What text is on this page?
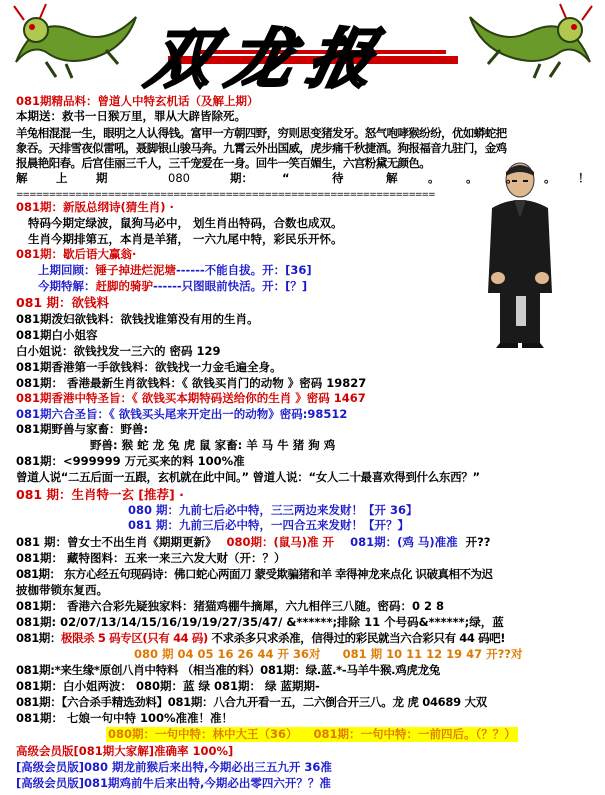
双龙报
081期精品料：曾道人中特玄机话（及解上期）
本期送：救书一日猴万里，罪从大辟皆除死。
羊兔相混混一生，眼明之人认得钱。富甲一方朝四野，穷则思变猪发牙。怒气咆哮猴纷纷，优如蟒蛇把
象吞。天排雪夜似雷吼，聂脚银山骏马奔。九霄云外出国威，虎步痛千秋捷酒。狗报福音九驻门，金鸡
报晨艳阳春。后宫佳丽三千人，三千宠爱在一身。回牛一笑百媚生，六宫粉黛无颜色。
解 上 期	080	期：	“	待	解	。 。 。 。 ！
================================================================
081期：新版总纲诗(猜生肖) ·
特码今期定绿波，鼠狗马必中， 划生肖出特码，合数也成双。
生肖今期排第五，本肖是羊猪， 一六九尾中特，彩民乐开怀。
081期：歇后语大赢翁·
上期回顾：锤子掉进烂泥塘------不能自拔。开：[36]
今期特解：赶脚的骑驴------只图眼前快活。开：[？]
081 期：欲钱料
081期泼妇欲钱料：欲钱找谁第没有用的生肖。
081期白小姐容
白小姐说：欲钱找发一三六的 密码 129
081期香港第一手欲钱料：欲钱找一力金毛遍全身。
081期： 香港最新生肖欲钱料：《 欲钱买肖门的动物 》密码 19827
081期香港中特圣旨：《 欲钱买本期特码送给你的生肖 》密码 1467
081期六合圣旨：《 欲钱买头尾来开定出一的动物》密码:98512
081期野兽与家畜：野兽:
野兽: 猴 蛇 龙 兔 虎 鼠 家畜: 羊 马 牛 猪 狗 鸡
081期：<999999 万元买来的料 100%准
曾道人说“二五后面一五跟，玄机就在此中间。” 曾道人说：“女人二十最喜欢得到什么东西？”
081 期：生肖特一玄 [推荐] ·
080 期：九前七后必中特，三三两边来发财！【开 36】
081 期：九前三后必中特，一四合五来发财！【开？】
081 期：曾女士不出生肖《期期更新》 080期：(鼠马)准 开 081期：(鸡 马)准准 开??
081期： 藏特图料：五来一来三六发大财（开：？）
081期： 东方心经五句现码诗：佛口蛇心两面刀 蒙受欺骗猪和羊 幸得神龙来点化 识破真相不为迟
披枷带锁东复西。
081期： 香港六合彩先疑独家料：猪猫鸡棚牛摘犀，六九相伴三八随。密码：0 2 8
081期: 02/07/13/14/15/16/19/19/27/35/47/ &******;排除 11 个号码&******;绿，蓝
081期：极限杀 5 码专区(只有 44 码) 不求杀多只求杀准，信得过的彩民就当六合彩只有 44 码吧!
080 期 04 05 16 26 44 开 36对 081 期 10 11 12 19 47 开??对
081期:*来生缘*原创八肖中特料 （相当准的料）081期：绿.蓝.*-马羊牛猴.鸡虎龙兔
081期：白小姐两波： 080期：蓝 绿 081期： 绿 蓝期期-
081期：【六合杀手精选劲料】081期：八合九开看一五，二六倒合开三八。龙 虎 04689 大双
081期： 七娘一句中特 100%准准！准！
080期：一句中特：林中大王（36） 081期：一句中特：一前四后。（？？）
高级会员版[081期大家解]准确率 100%]
[高级会员版]080 期龙前猴后来出特,今期必出三五九开 36准
[高级会员版]081期鸡前牛后来出特,今期必出零四六开？？准
